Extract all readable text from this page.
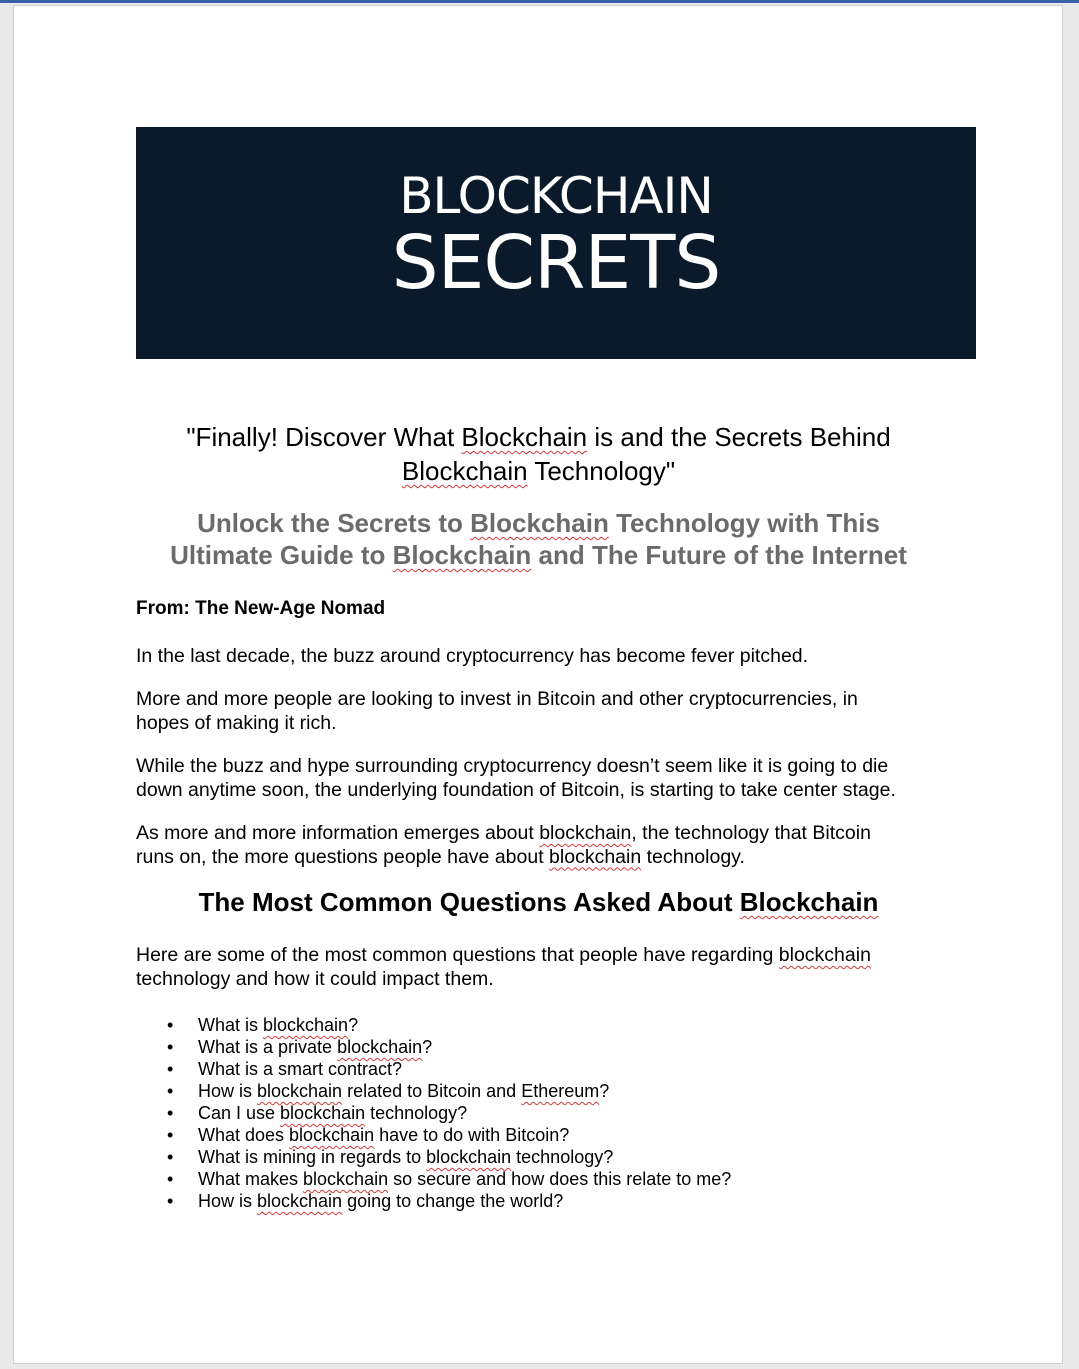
BLOCKCHAIN
SECRETS
"Finally! Discover What Blockchain is and the Secrets Behind
Blockchain Technology"
Unlock the Secrets to Blockchain Technology with This
Ultimate Guide to Blockchain and The Future of the Internet
From: The New-Age Nomad

In the last decade, the buzz around cryptocurrency has become fever pitched.

More and more people are looking to invest in Bitcoin and other cryptocurrencies, in
hopes of making it rich.

While the buzz and hype surrounding cryptocurrency doesn’t seem like it is going to die
down anytime soon, the underlying foundation of Bitcoin, is starting to take center stage.

As more and more information emerges about blockchain, the technology that Bitcoin
runs on, the more questions people have about blockchain technology.

The Most Common Questions Asked About Blockchain

Here are some of the most common questions that people have regarding blockchain
technology and how it could impact them.

• What is blockchain?
• What is a private blockchain?
• What is a smart contract?
• How is blockchain related to Bitcoin and Ethereum?
• Can I use blockchain technology?
• What does blockchain have to do with Bitcoin?
• What is mining in regards to blockchain technology?
• What makes blockchain so secure and how does this relate to me?
• How is blockchain going to change the world?
